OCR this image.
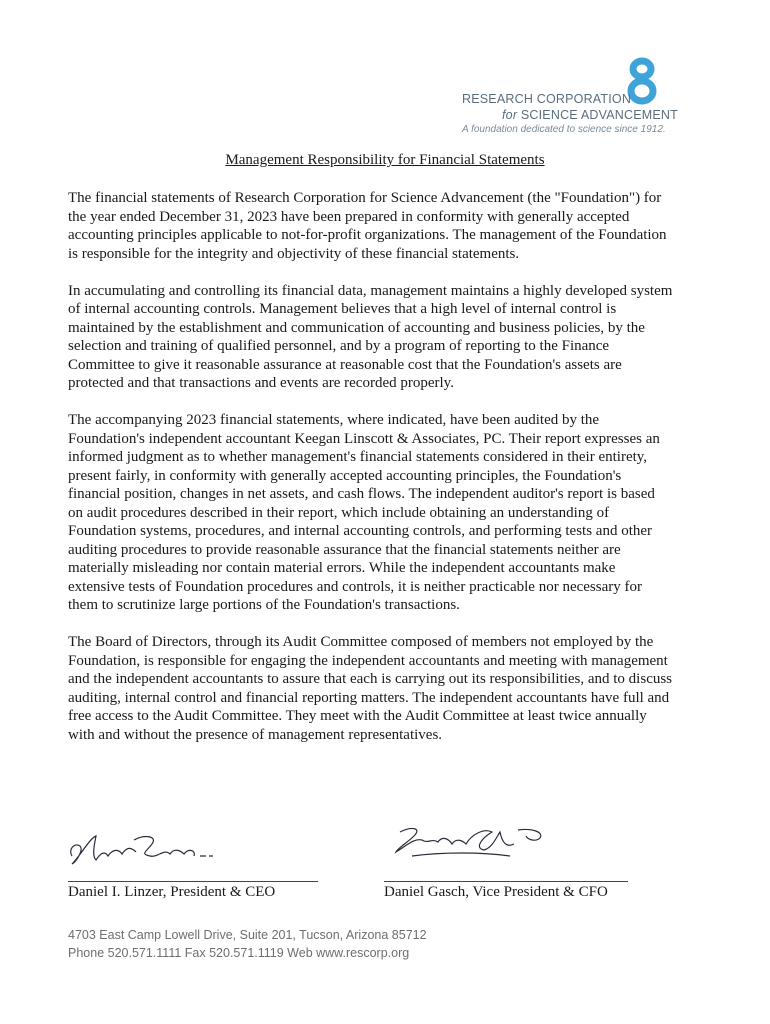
RESEARCH CORPORATION
for SCIENCE ADVANCEMENT
A foundation dedicated to science since 1912.
Management Responsibility for Financial Statements

The financial statements of Research Corporation for Science Advancement (the "Foundation") for the year ended December 31, 2023 have been prepared in conformity with generally accepted accounting principles applicable to not-for-profit organizations. The management of the Foundation is responsible for the integrity and objectivity of these financial statements.

In accumulating and controlling its financial data, management maintains a highly developed system of internal accounting controls. Management believes that a high level of internal control is maintained by the establishment and communication of accounting and business policies, by the selection and training of qualified personnel, and by a program of reporting to the Finance Committee to give it reasonable assurance at reasonable cost that the Foundation's assets are protected and that transactions and events are recorded properly.

The accompanying 2023 financial statements, where indicated, have been audited by the Foundation's independent accountant Keegan Linscott & Associates, PC. Their report expresses an informed judgment as to whether management's financial statements considered in their entirety, present fairly, in conformity with generally accepted accounting principles, the Foundation's financial position, changes in net assets, and cash flows. The independent auditor's report is based on audit procedures described in their report, which include obtaining an understanding of Foundation systems, procedures, and internal accounting controls, and performing tests and other auditing procedures to provide reasonable assurance that the financial statements neither are materially misleading nor contain material errors. While the independent accountants make extensive tests of Foundation procedures and controls, it is neither practicable nor necessary for them to scrutinize large portions of the Foundation's transactions.

The Board of Directors, through its Audit Committee composed of members not employed by the Foundation, is responsible for engaging the independent accountants and meeting with management and the independent accountants to assure that each is carrying out its responsibilities, and to discuss auditing, internal control and financial reporting matters. The independent accountants have full and free access to the Audit Committee. They meet with the Audit Committee at least twice annually with and without the presence of management representatives.

Daniel I. Linzer, President & CEO	Daniel Gasch, Vice President & CFO
4703 East Camp Lowell Drive, Suite 201, Tucson, Arizona 85712
Phone 520.571.1111 Fax 520.571.1119 Web www.rescorp.org
